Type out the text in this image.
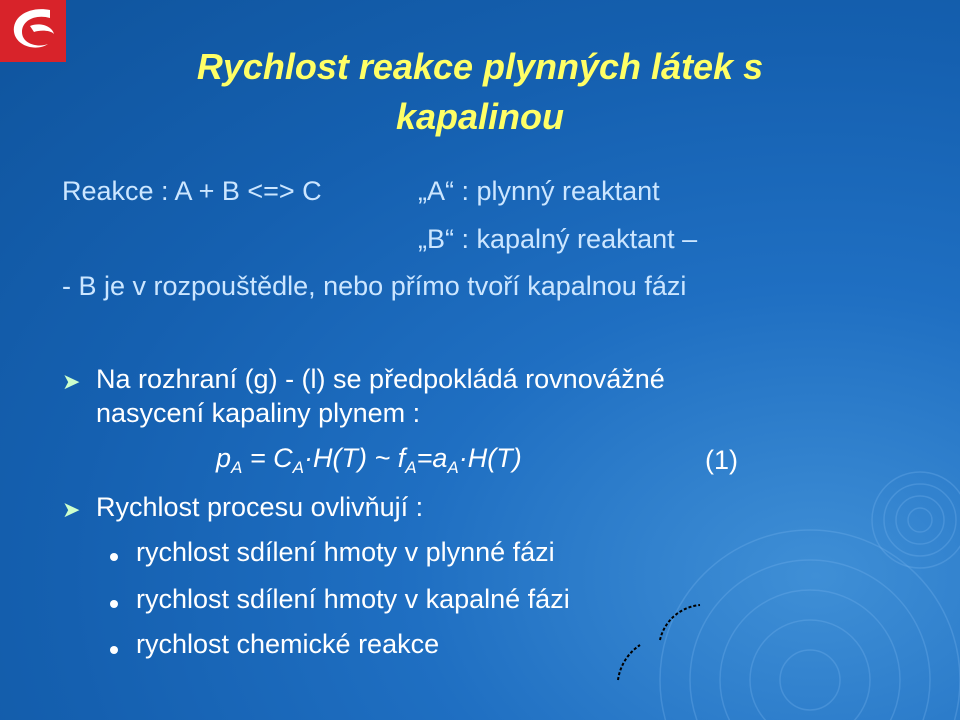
Rychlost reakce plynných látek s
kapalinou
Reakce : A + B <=> C	„A“ : plynný reaktant
„B“ : kapalný reaktant –
- B je v rozpouštědle, nebo přímo tvoří kapalnou fázi
➤ Na rozhraní (g) - (l) se předpokládá rovnovážné
nasycení kapaliny plynem :
$p_A = C_A\cdot H(T)$ ~ $f_A=a_A\cdot H(T)$	(1)
➤ Rychlost procesu ovlivňují :
rychlost sdílení hmoty v plynné fázi
rychlost sdílení hmoty v kapalné fázi
rychlost chemické reakce
